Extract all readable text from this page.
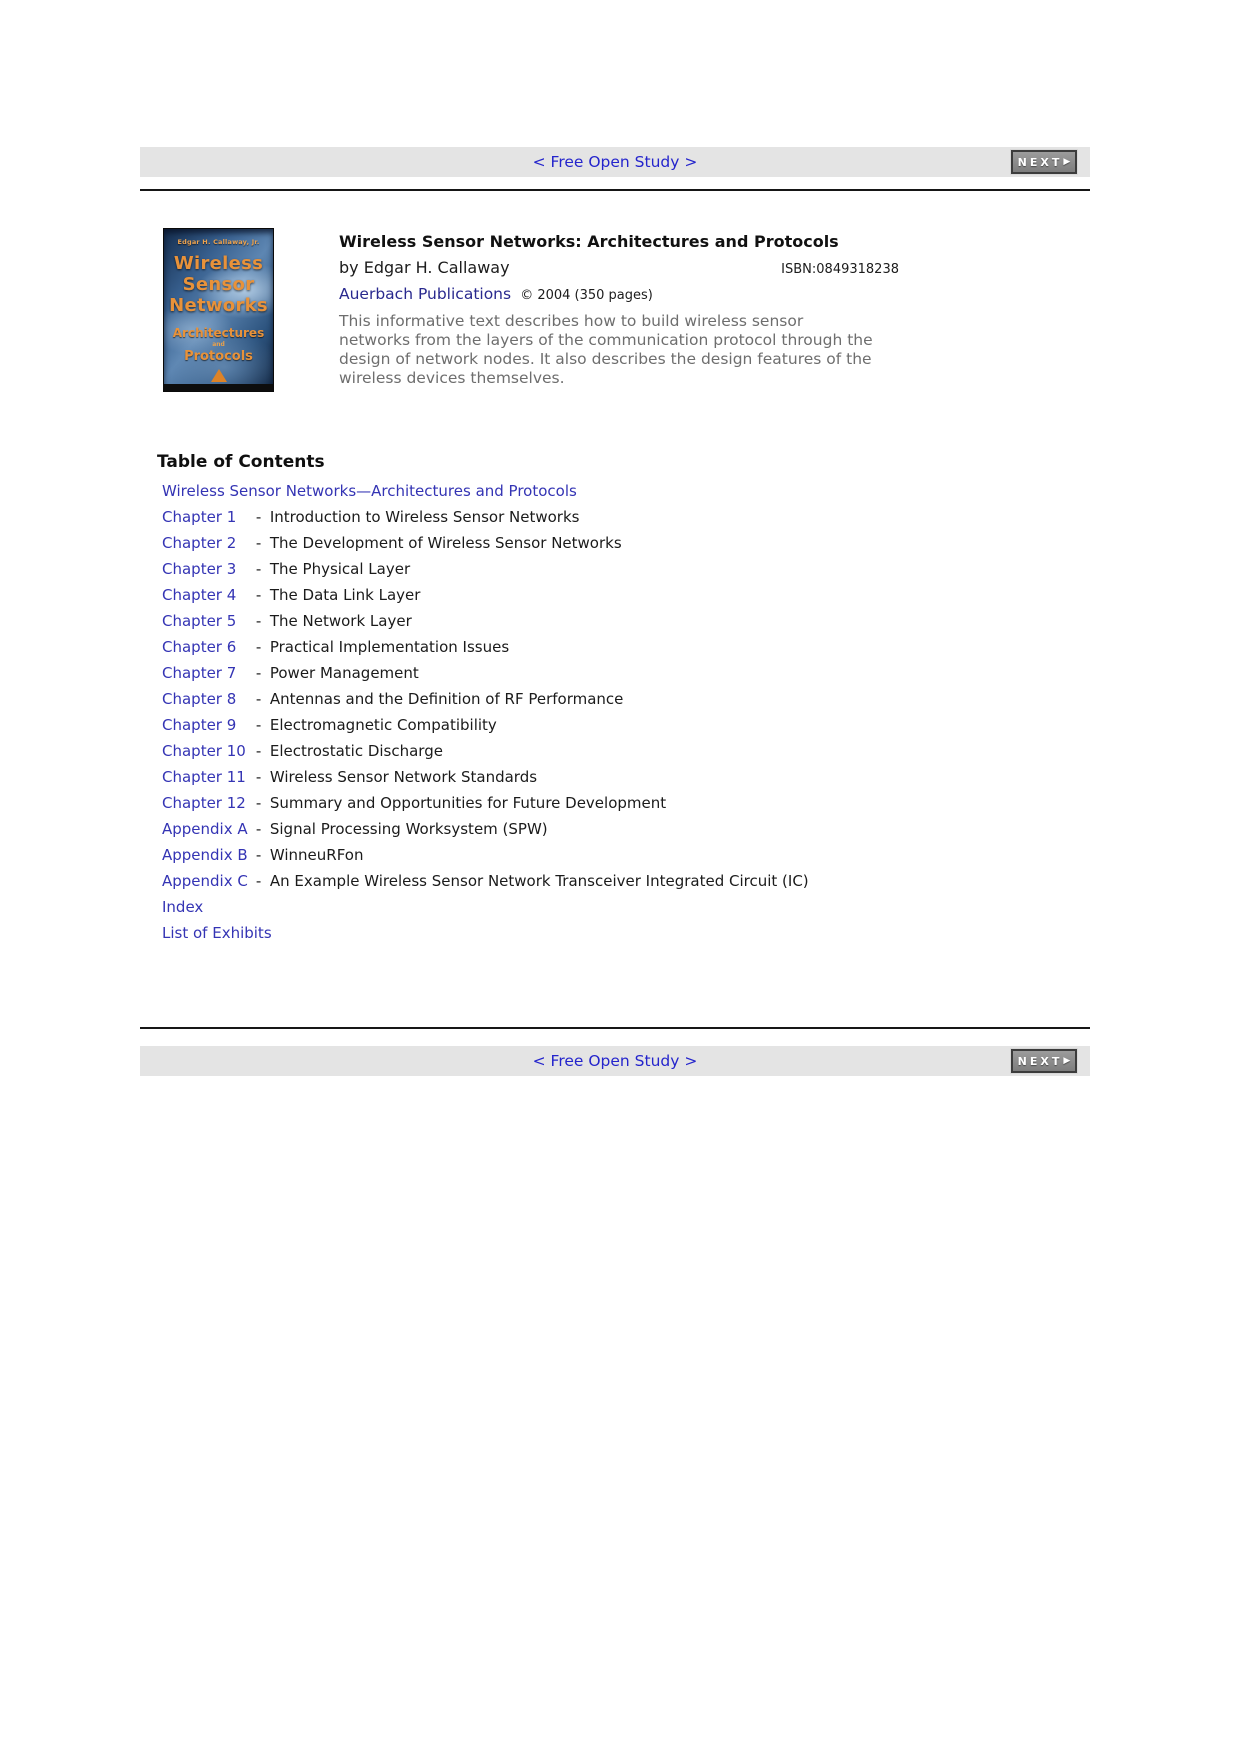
< Free Open Study >	NEXT ▶
Edgar H. Callaway, Jr.
Wireless
Sensor
Networks
Architectures
and
Protocols
Wireless Sensor Networks: Architectures and Protocols
by Edgar H. Callaway	ISBN:0849318238
Auerbach Publications © 2004 (350 pages)

This informative text describes how to build wireless sensor networks from the layers of the communication protocol through the design of network nodes. It also describes the design features of the wireless devices themselves.

Table of Contents
Wireless Sensor Networks—Architectures and Protocols		
Chapter 1	-	Introduction to Wireless Sensor Networks
Chapter 2	-	The Development of Wireless Sensor Networks
Chapter 3	-	The Physical Layer
Chapter 4	-	The Data Link Layer
Chapter 5	-	The Network Layer
Chapter 6	-	Practical Implementation Issues
Chapter 7	-	Power Management
Chapter 8	-	Antennas and the Definition of RF Performance
Chapter 9	-	Electromagnetic Compatibility
Chapter 10	-	Electrostatic Discharge
Chapter 11	-	Wireless Sensor Network Standards
Chapter 12	-	Summary and Opportunities for Future Development
Appendix A	-	Signal Processing Worksystem (SPW)
Appendix B	-	WinneuRFon
Appendix C	-	An Example Wireless Sensor Network Transceiver Integrated Circuit (IC)
Index		
List of Exhibits		
< Free Open Study >	NEXT ▶
